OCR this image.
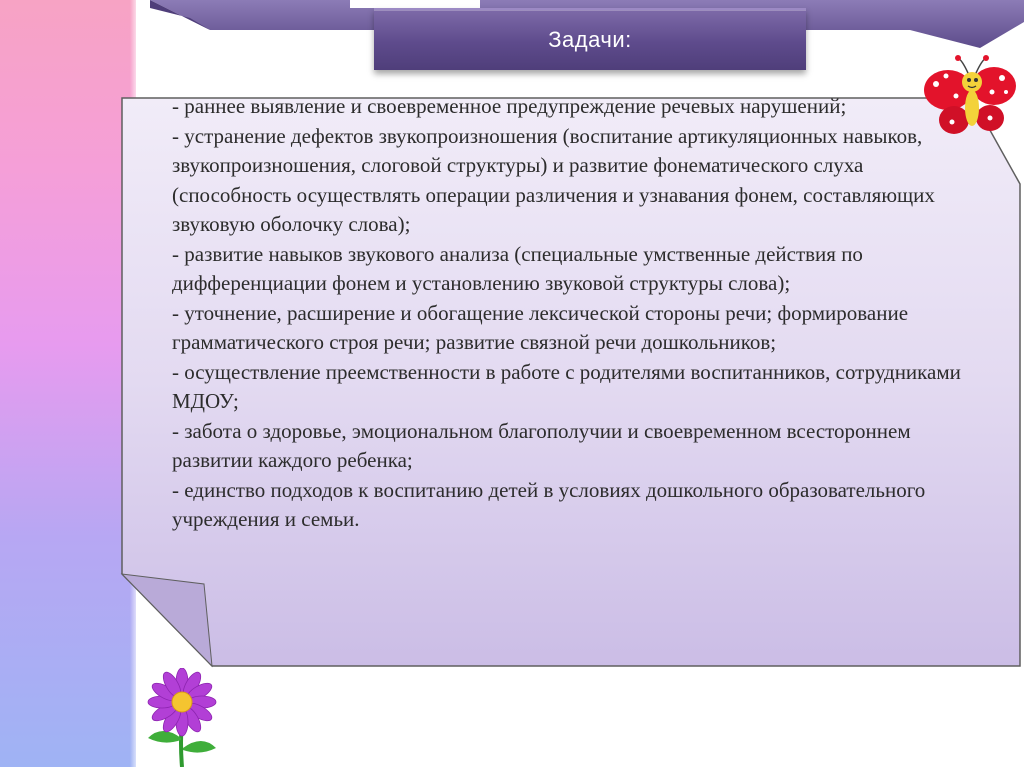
Задачи:

- раннее выявление и своевременное предупреждение речевых нарушений;

- устранение дефектов звукопроизношения (воспитание артикуляционных навыков, звукопроизношения, слоговой структуры) и развитие фонематического слуха (способность осуществлять операции различения и узнавания фонем, составляющих звуковую оболочку слова);

- развитие навыков звукового анализа (специальные умственные действия по дифференциации фонем и установлению звуковой структуры слова);

- уточнение, расширение и обогащение лексической стороны речи; формирование грамматического строя речи; развитие связной речи дошкольников;

- осуществление преемственности в работе с родителями воспитанников, сотрудниками МДОУ;

- забота о здоровье, эмоциональном благополучии и своевременном всестороннем развитии каждого ребенка;

- единство подходов к воспитанию детей в условиях дошкольного образовательного учреждения и семьи.
